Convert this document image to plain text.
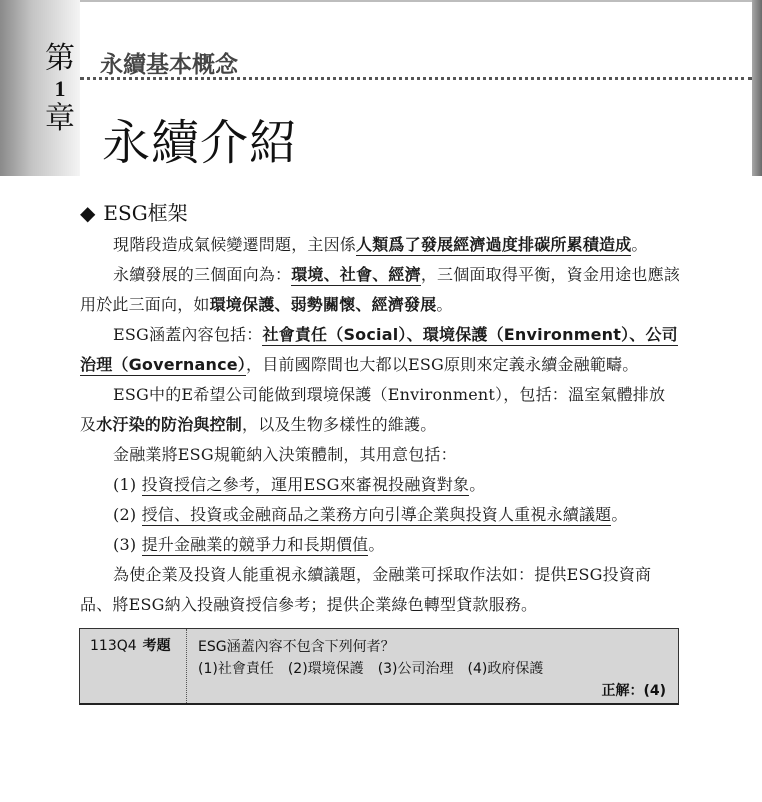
第
1
章
永續基本概念
永續介紹
◆ ESG框架

現階段造成氣候變遷問題，主因係人類爲了發展經濟過度排碳所累積造成。

永續發展的三個面向為：環境、社會、經濟，三個面取得平衡，資金用途也應該用於此三面向，如環境保護、弱勢關懷、經濟發展。

ESG涵蓋內容包括：社會責任（Social）、環境保護（Environment）、公司治理（Governance），目前國際間也大都以ESG原則來定義永續金融範疇。

ESG中的E希望公司能做到環境保護（Environment），包括：溫室氣體排放及水汙染的防治與控制，以及生物多樣性的維護。

金融業將ESG規範納入決策體制，其用意包括：

(1) 投資授信之參考，運用ESG來審視投融資對象。

(2) 授信、投資或金融商品之業務方向引導企業與投資人重視永續議題。

(3) 提升金融業的競爭力和長期價值。

為使企業及投資人能重視永續議題，金融業可採取作法如：提供ESG投資商品、將ESG納入投融資授信參考；提供企業綠色轉型貸款服務。

113Q4 考題	ESG涵蓋內容不包含下列何者？
(1)社會責任 (2)環境保護 (3)公司治理 (4)政府保護
正解：(4)
